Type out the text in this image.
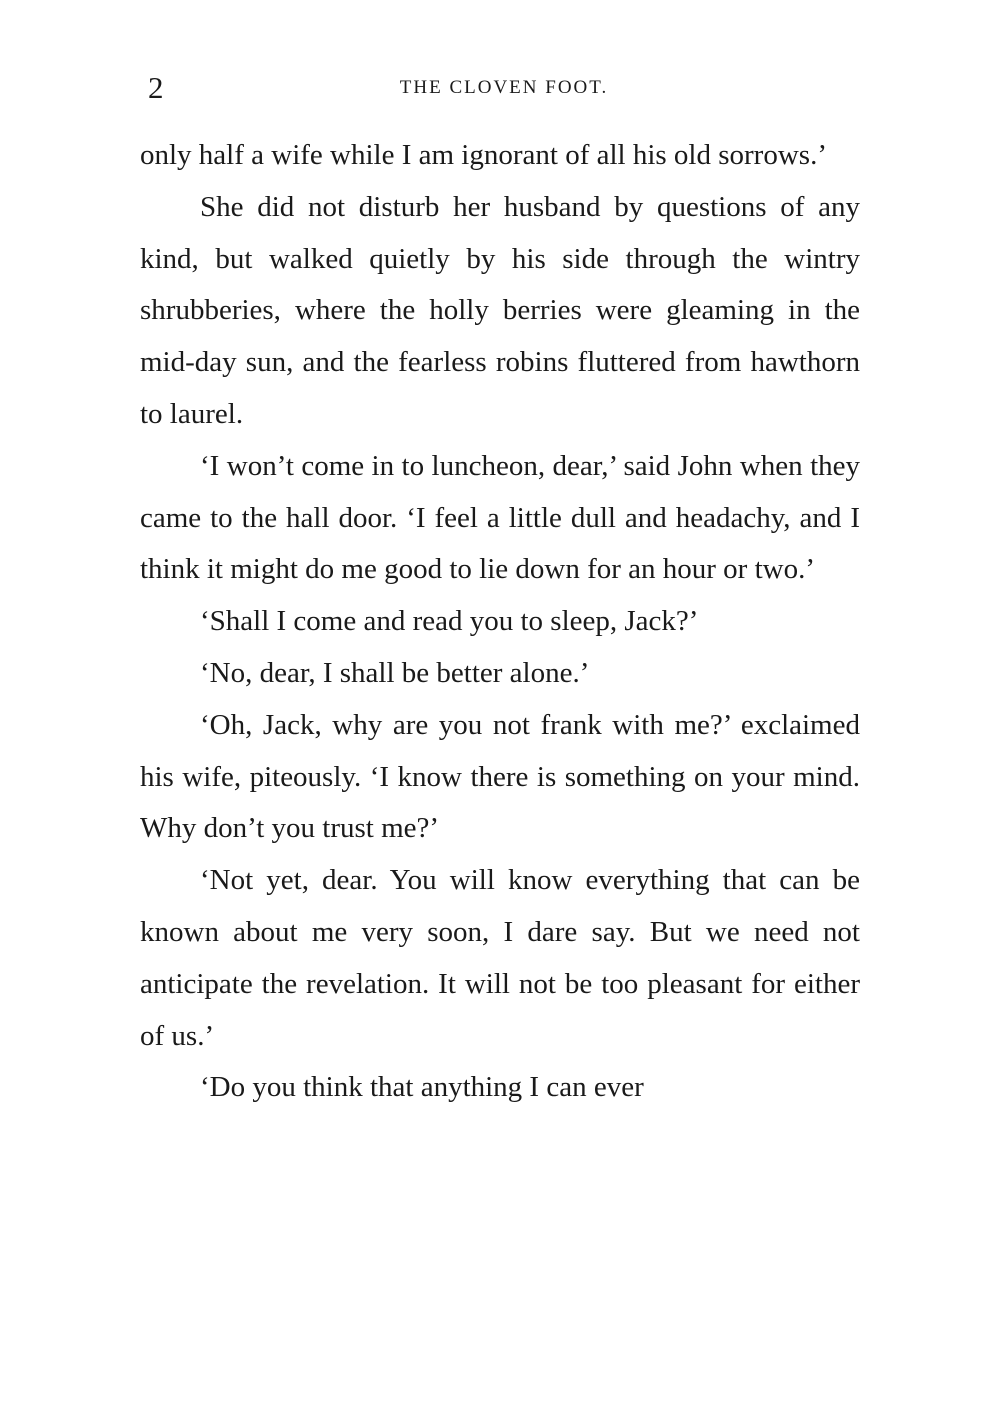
2	THE CLOVEN FOOT.

only half a wife while I am ignorant of all his old sorrows.’

She did not disturb her husband by questions of any kind, but walked quietly by his side through the wintry shrubberies, where the holly berries were gleaming in the mid-day sun, and the fearless robins fluttered from hawthorn to laurel.

‘I won’t come in to luncheon, dear,’ said John when they came to the hall door. ‘I feel a little dull and headachy, and I think it might do me good to lie down for an hour or two.’

‘Shall I come and read you to sleep, Jack?’

‘No, dear, I shall be better alone.’

‘Oh, Jack, why are you not frank with me?’ exclaimed his wife, piteously. ‘I know there is something on your mind. Why don’t you trust me?’

‘Not yet, dear. You will know everything that can be known about me very soon, I dare say. But we need not anticipate the revelation. It will not be too pleasant for either of us.’

‘Do you think that anything I can ever
